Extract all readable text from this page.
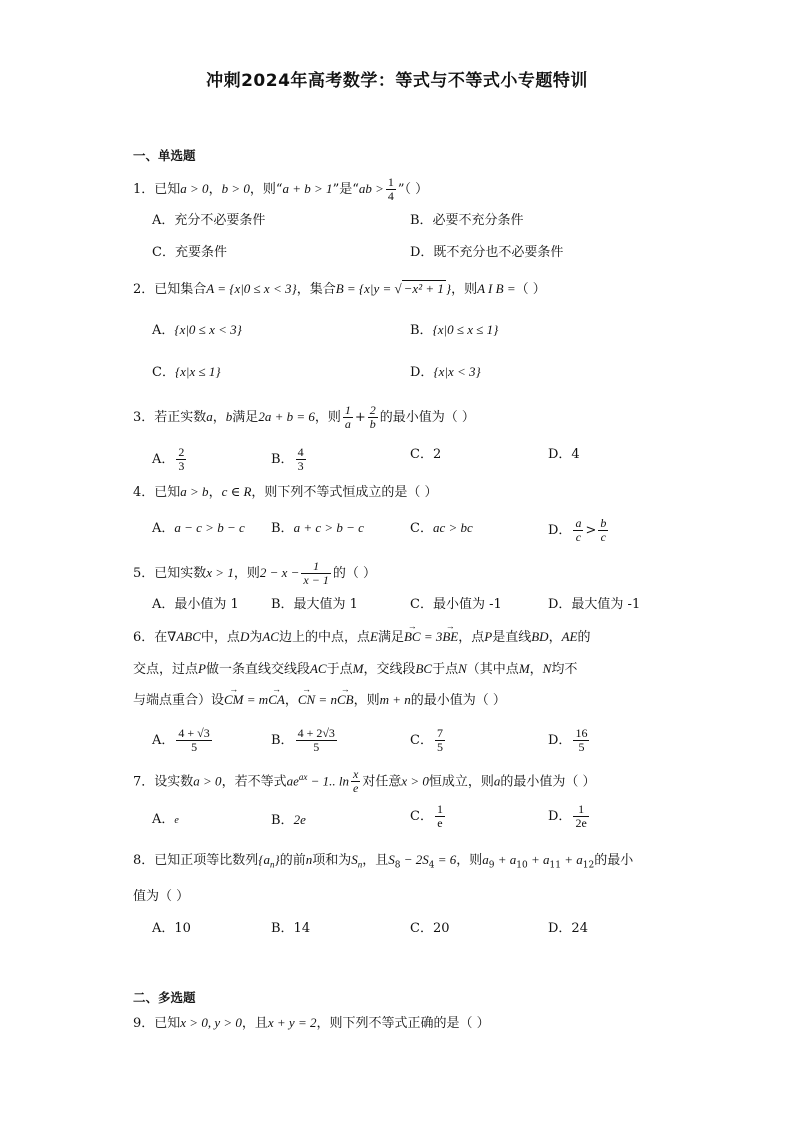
冲刺2024年高考数学：等式与不等式小专题特训
一、单选题
1．已知a > 0，b > 0，则“a + b > 1”是“ab > $\frac{1}{4}$ ”（ ）
A．充分不必要条件	B．必要不充分条件
C．充要条件	D．既不充分也不必要条件
2．已知集合A = {x|0 ≤ x < 3}，集合B = {x|y = √ −x² + 1 }，则A I B =（ ）
A．{x|0 ≤ x < 3}	B．{x|0 ≤ x ≤ 1}
C．{x|x ≤ 1}	D．{x|x < 3}
3．若正实数a，b满足2a + b = 6，则 $\frac{1}{a} + \frac{2}{b}$ 的最小值为（ ）
A． $\frac{2}{3}$	B． $\frac{4}{3}$	C．2	D．4
4．已知a > b，c ∈ R，则下列不等式恒成立的是（ ）
A．a − c > b − c B．a + c > b − c	C．ac > bc	D． $\frac{a}{c} > \frac{b}{c}$
5．已知实数x > 1，则$2 - x - \frac{1}{x - 1}$ 的（ ）
A．最小值为 1 B．最大值为 1	C．最小值为 -1	D．最大值为 -1
6．在∇ABC中，点D为AC边上的中点，点E满足→ BC = 3→ BE，点P是直线BD，AE的
交点，过点P做一条直线交线段AC于点M，交线段BC于点N（其中点M，N均不
与端点重合）设→ CM = m→ CA，→ CN = n→ CB，则m + n的最小值为（ ）
A． $\frac{4 + √3}{5}$	B． $\frac{4 + 2√3}{5}$	C． $\frac{7}{5}$	D． $\frac{16}{5}$
7．设实数a > 0，若不等式$ae^{ax} - 1$.. $\ln \frac{x}{e}$ 对任意x > 0恒成立，则a的最小值为（ ）
A．e	B．2e	C． $\frac{1}{e}$	D． $\frac{1}{2e}$
8．已知正项等比数列$\{a_n\}$的前n项和为$S_n$，且$S_8 - 2S_4 = 6$，则$a_9 + a_{10} + a_{11} + a_{12}$的最小
值为（ ）
A．10	B．14	C．20	D．24
二、多选题
9．已知x > 0, y > 0，且x + y = 2，则下列不等式正确的是（ ）
